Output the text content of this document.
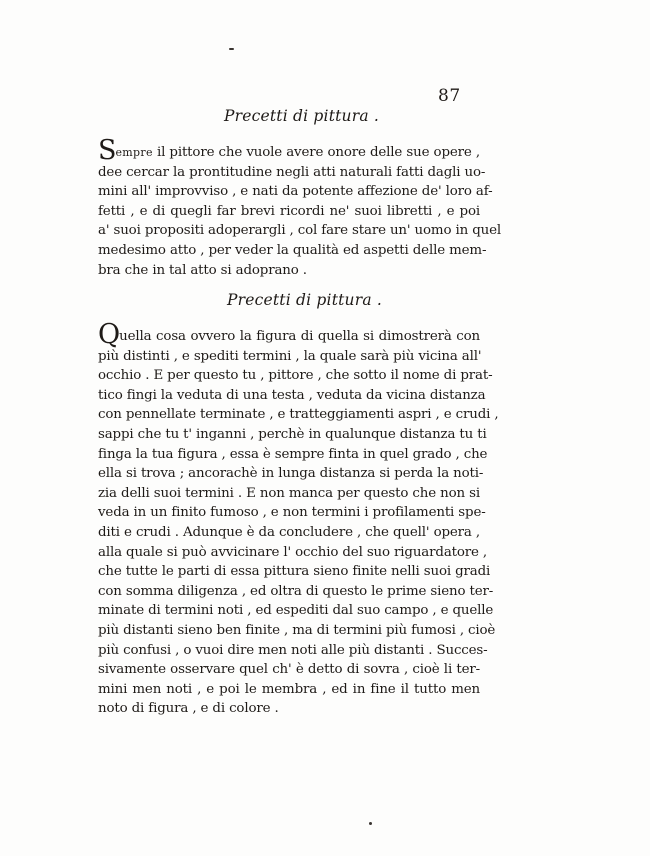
87
Precetti di pittura .
Sempre il pittore che vuole avere onore delle sue opere ,
dee cercar la prontitudine negli atti naturali fatti dagli uo-
mini all' improvviso , e nati da potente affezione de' loro af-
fetti , e di quegli far brevi ricordi ne' suoi libretti , e poi
a' suoi propositi adoperargli , col fare stare un' uomo in quel
medesimo atto , per veder la qualità ed aspetti delle mem-
bra che in tal atto si adoprano .
Precetti di pittura .
Quella cosa ovvero la figura di quella si dimostrerà con
più distinti , e spediti termini , la quale sarà più vicina all'
occhio . E per questo tu , pittore , che sotto il nome di prat-
tico fingi la veduta di una testa , veduta da vicina distanza
con pennellate terminate , e tratteggiamenti aspri , e crudi ,
sappi che tu t' inganni , perchè in qualunque distanza tu ti
finga la tua figura , essa è sempre finta in quel grado , che
ella si trova ; ancorachè in lunga distanza si perda la noti-
zia delli suoi termini . E non manca per questo che non si
veda in un finito fumoso , e non termini i profilamenti spe-
diti e crudi . Adunque è da concludere , che quell' opera ,
alla quale si può avvicinare l' occhio del suo riguardatore ,
che tutte le parti di essa pittura sieno finite nelli suoi gradi
con somma diligenza , ed oltra di questo le prime sieno ter-
minate di termini noti , ed espediti dal suo campo , e quelle
più distanti sieno ben finite , ma di termini più fumosi , cioè
più confusi , o vuoi dire men noti alle più distanti . Succes-
sivamente osservare quel ch' è detto di sovra , cioè li ter-
mini men noti , e poi le membra , ed in fine il tutto men
noto di figura , e di colore .
